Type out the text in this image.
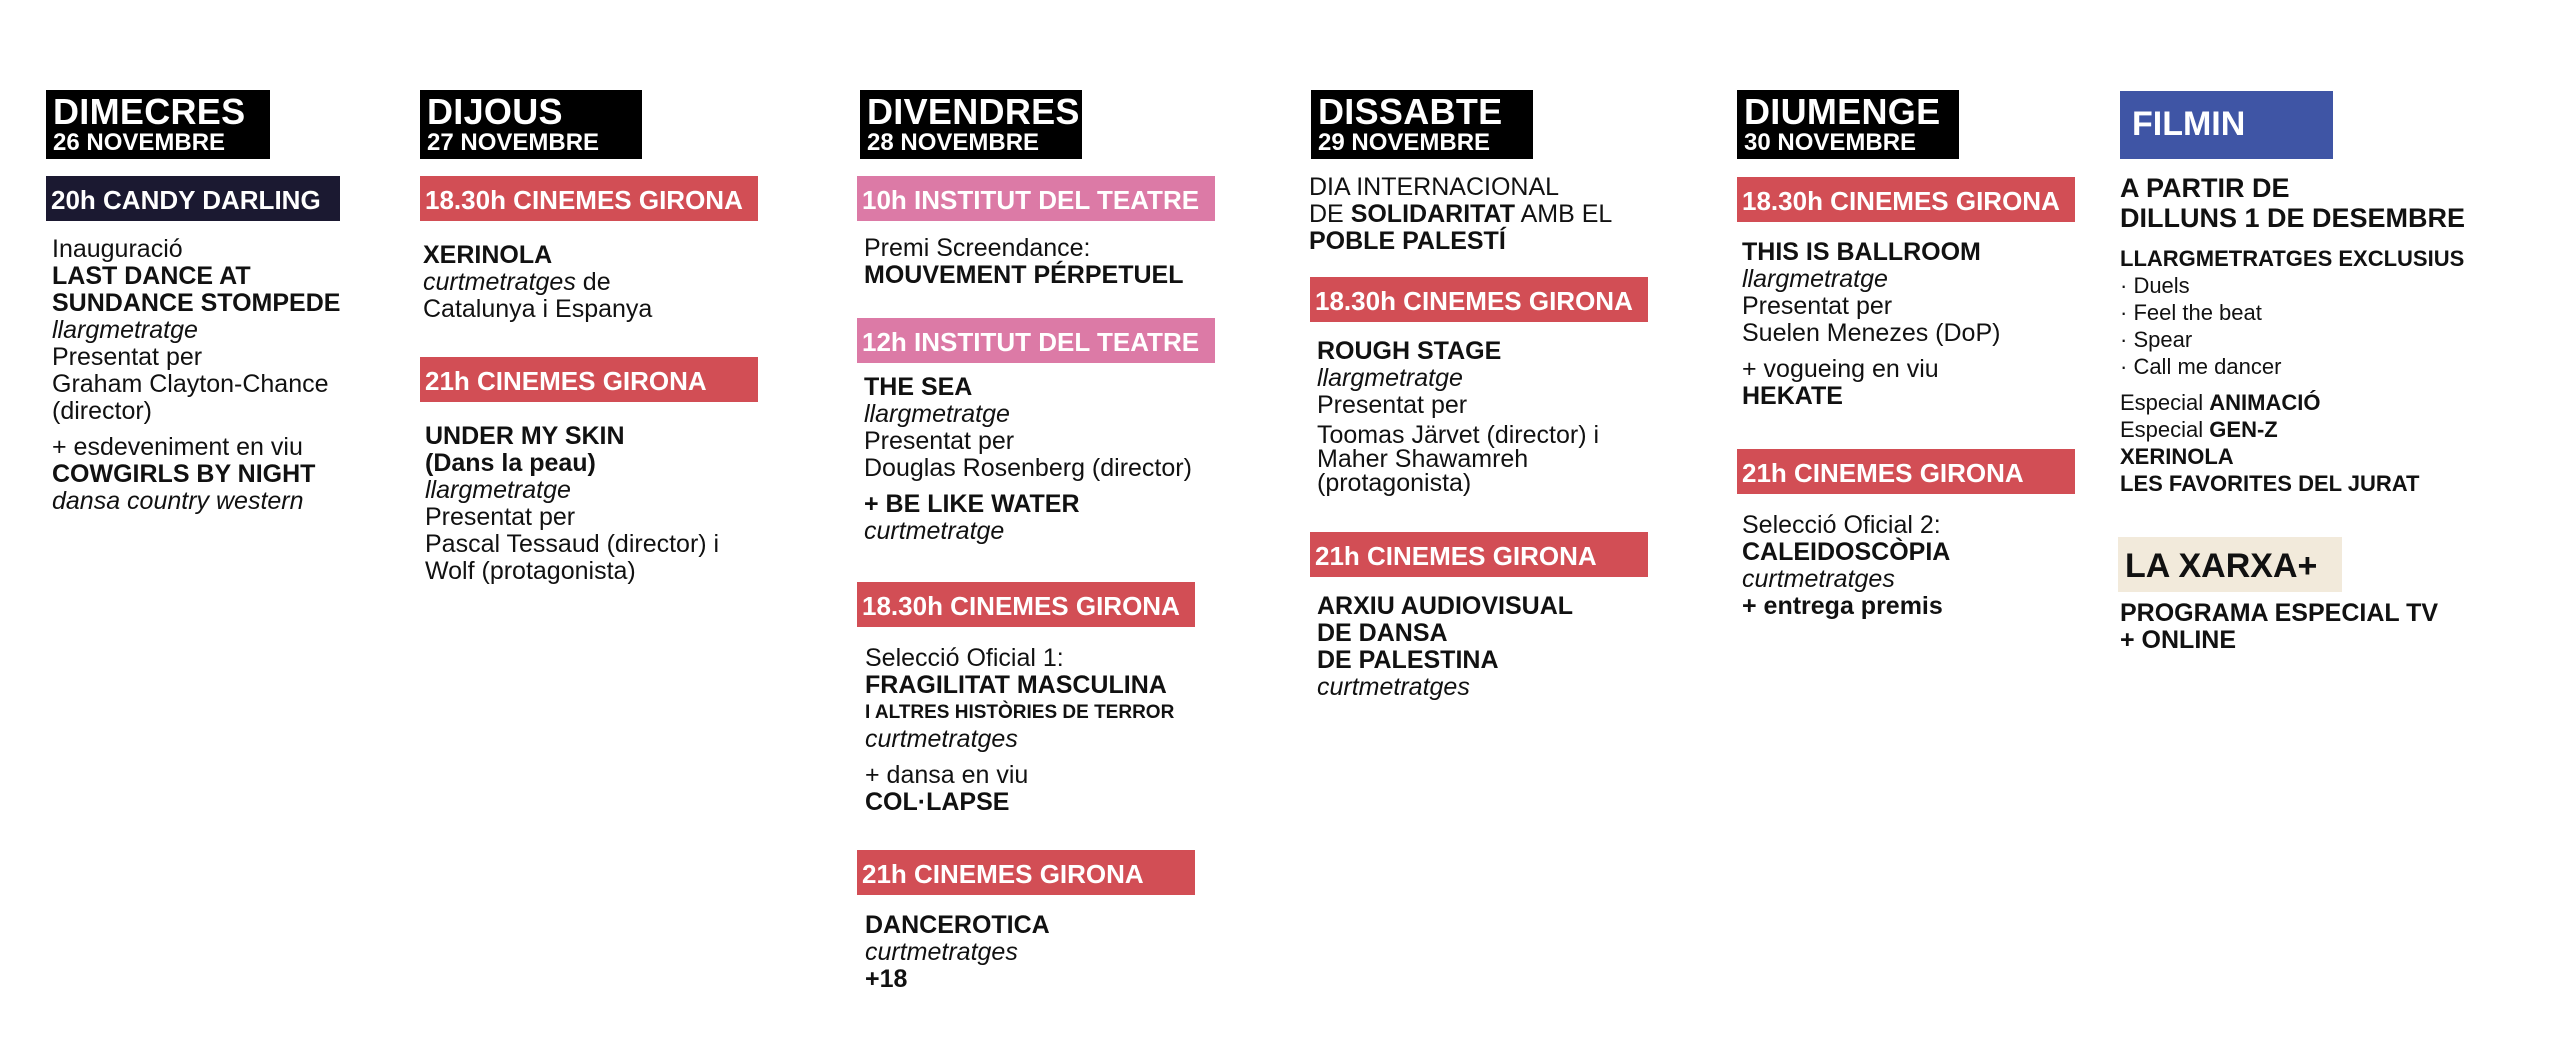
DIMECRES
26 NOVEMBRE
20h CANDY DARLING
Inauguració
LAST DANCE AT
SUNDANCE STOMPEDE
llargmetratge
Presentat per
Graham Clayton-Chance
(director)
+ esdeveniment en viu
COWGIRLS BY NIGHT
dansa country western
DIJOUS
27 NOVEMBRE
18.30h CINEMES GIRONA
XERINOLA
curtmetratges de
Catalunya i Espanya
21h CINEMES GIRONA
UNDER MY SKIN
(Dans la peau)
llargmetratge
Presentat per
Pascal Tessaud (director) i
Wolf (protagonista)
DIVENDRES
28 NOVEMBRE
10h INSTITUT DEL TEATRE
Premi Screendance:
MOUVEMENT PÉRPETUEL
12h INSTITUT DEL TEATRE
THE SEA
llargmetratge
Presentat per
Douglas Rosenberg (director)
+ BE LIKE WATER
curtmetratge
18.30h CINEMES GIRONA
Selecció Oficial 1:
FRAGILITAT MASCULINA
I ALTRES HISTÒRIES DE TERROR
curtmetratges
+ dansa en viu
COL·LAPSE
21h CINEMES GIRONA
DANCEROTICA
curtmetratges
+18
DISSABTE
29 NOVEMBRE
DIA INTERNACIONAL
DE SOLIDARITAT AMB EL
POBLE PALESTÍ
18.30h CINEMES GIRONA
ROUGH STAGE
llargmetratge
Presentat per
Toomas Järvet (director) i
Maher Shawamreh
(protagonista)
21h CINEMES GIRONA
ARXIU AUDIOVISUAL
DE DANSA
DE PALESTINA
curtmetratges
DIUMENGE
30 NOVEMBRE
18.30h CINEMES GIRONA
THIS IS BALLROOM
llargmetratge
Presentat per
Suelen Menezes (DoP)
+ vogueing en viu
HEKATE
21h CINEMES GIRONA
Selecció Oficial 2:
CALEIDOSCÒPIA
curtmetratges
+ entrega premis
FILMIN
A PARTIR DE
DILLUNS 1 DE DESEMBRE
LLARGMETRATGES EXCLUSIUS
· Duels
· Feel the beat
· Spear
· Call me dancer
Especial ANIMACIÓ
Especial GEN-Z
XERINOLA
LES FAVORITES DEL JURAT
LA XARXA+
PROGRAMA ESPECIAL TV
+ ONLINE
